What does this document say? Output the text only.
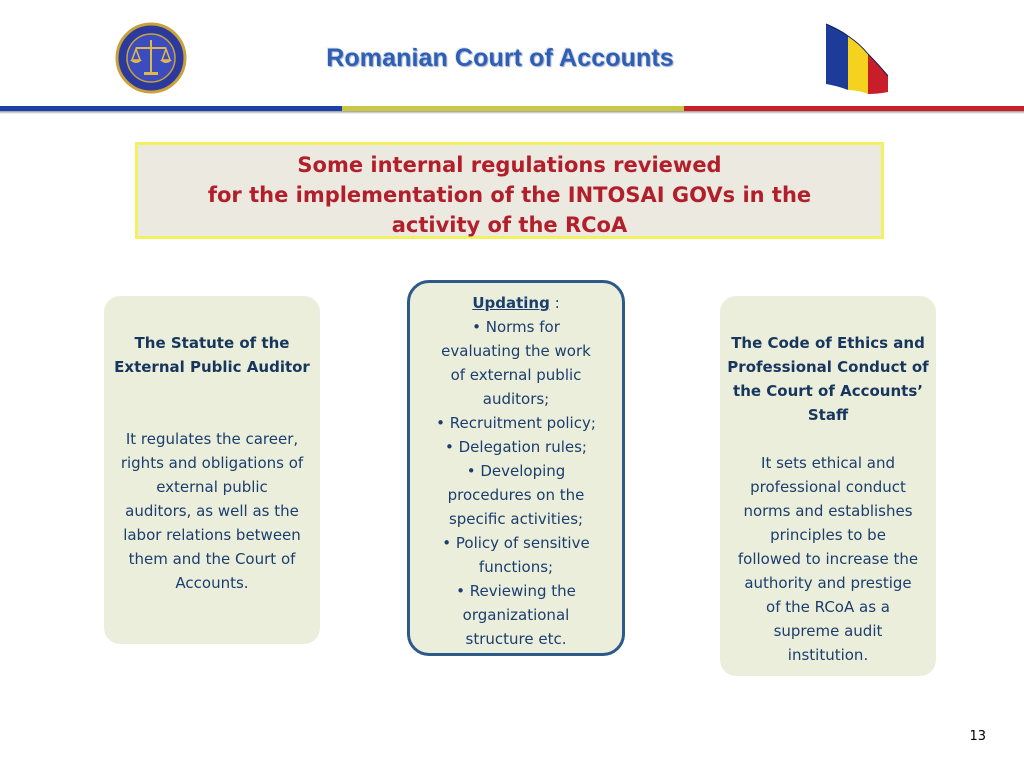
Romanian Court of Accounts
Some internal regulations reviewed
for the implementation of the INTOSAI GOVs in the
activity of the RCoA
The Statute of the
External Public Auditor
It regulates the career,
rights and obligations of
external public
auditors, as well as the
labor relations between
them and the Court of
Accounts.
Updating :
• Norms for
evaluating the work
of external public
auditors;
• Recruitment policy;
• Delegation rules;
• Developing
procedures on the
specific activities;
• Policy of sensitive
functions;
• Reviewing the
organizational
structure etc.
The Code of Ethics and
Professional Conduct of
the Court of Accounts’
Staff
It sets ethical and
professional conduct
norms and establishes
principles to be
followed to increase the
authority and prestige
of the RCoA as a
supreme audit
institution.
13
